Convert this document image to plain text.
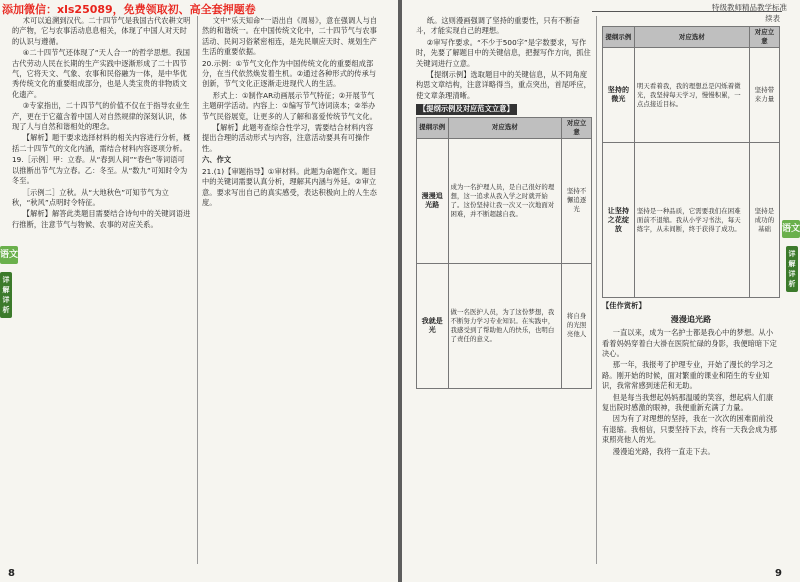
添加微信：xls25089，免费领取初、高全套押题卷

术可以追溯到汉代。二十四节气是我国古代农耕文明的产物，它与农事活动息息相关，体现了中国人对天时的认识与遵循。

④二十四节气还体现了“天人合一”的哲学思想。我国古代劳动人民在长期的生产实践中逐渐形成了二十四节气，它将天文、气象、农事和民俗融为一体，是中华优秀传统文化的重要组成部分，也是人类宝贵的非物质文化遗产。

③专家指出，二十四节气的价值不仅在于指导农业生产，更在于它蕴含着中国人对自然规律的深刻认识，体现了人与自然和谐相处的理念。

【解析】题干要求选择材料的相关内容进行分析，概括二十四节气的文化内涵，需结合材料内容逐项分析。

19.［示例］甲：立春。从“春到人间”“春色”等词语可以推断出节气为立春。乙：冬至。从“数九”可知时令为冬至。

［示例二］立秋。从“大地秋色”可知节气为立秋，“秋风”点明时令特征。

【解析】解答此类题目需要结合诗句中的关键词语进行推断，注意节气与物候、农事的对应关系。

文中“乐天知命”一语出自《周易》，意在强调人与自然的和谐统一。在中国传统文化中，二十四节气与农事活动、民间习俗紧密相连，是先民顺应天时、规划生产生活的重要依据。

20.示例：①节气文化作为中国传统文化的重要组成部分，在当代依然焕发着生机。②通过各种形式的传承与创新，节气文化正逐渐走进现代人的生活。

形式上：①制作AR动画展示节气特征；②开展节气主题研学活动。内容上：①编写节气诗词读本；②举办节气民俗展览，让更多的人了解和喜爱传统节气文化。

【解析】此题考查综合性学习，需要结合材料内容提出合理的活动形式与内容，注意活动要具有可操作性。

六、作文

21.(1)【审题指导】①审材料。此题为命题作文。题目中的关键词需要认真分析，理解其内涵与外延。②审立意。要求写出自己的真实感受，表达积极向上的人生态度。

语文
详解详析
8
特级教师精品教学标准

纸。这则漫画强调了坚持的重要性，只有不断奋斗，才能实现自己的理想。

②审写作要求。“不少于500字”是字数要求，写作时，先要了解题目中的关键信息，把握写作方向，抓住关键词进行立意。

【提纲示例】选取题目中的关键信息，从不同角度构思文章结构，注意详略得当，重点突出，首尾呼应，使文章条理清晰。

【提纲示例及对应范文立意】

提纲示例	对应选材	对应立意
漫漫追光路	成为一名护理人员，是自己很好的理想，这一追求从我入学之时就开始了。这份坚持让我一次又一次地面对困难，并不断超越自我。	坚持不懈追逐光
我就是光	做一名医护人员，为了这份梦想，我不断努力学习专业知识。在实践中，我感受到了帮助他人的快乐，也明白了责任的意义。	将自身的光照亮他人

续表

提纲示例	对应选材	对应立意
坚持的微光	明天看着我，我的理想总是闪烁着微光，我坚持每天学习，慢慢积累，一点点接近目标。	坚持带来力量
让坚持之花绽放	坚持是一种品质，它需要我们在困难面前不退缩。我从小学习书法，每天练字，从未间断，终于获得了成功。	坚持是成功的基础

【佳作赏析】

漫漫追光路

一直以来，成为一名护士都是我心中的梦想。从小看着妈妈穿着白大褂在医院忙碌的身影，我便暗暗下定决心。

那一年，我报考了护理专业，开始了漫长的学习之路。刚开始的时候，面对繁重的课业和陌生的专业知识，我常常感到迷茫和无助。

但是每当我想起妈妈那温暖的笑容，想起病人们康复出院时感激的眼神，我便重新充满了力量。

因为有了对理想的坚持，我在一次次的困难面前没有退缩。我相信，只要坚持下去，终有一天我会成为那束照亮他人的光。

漫漫追光路，我将一直走下去。

语文
详解详析
9
